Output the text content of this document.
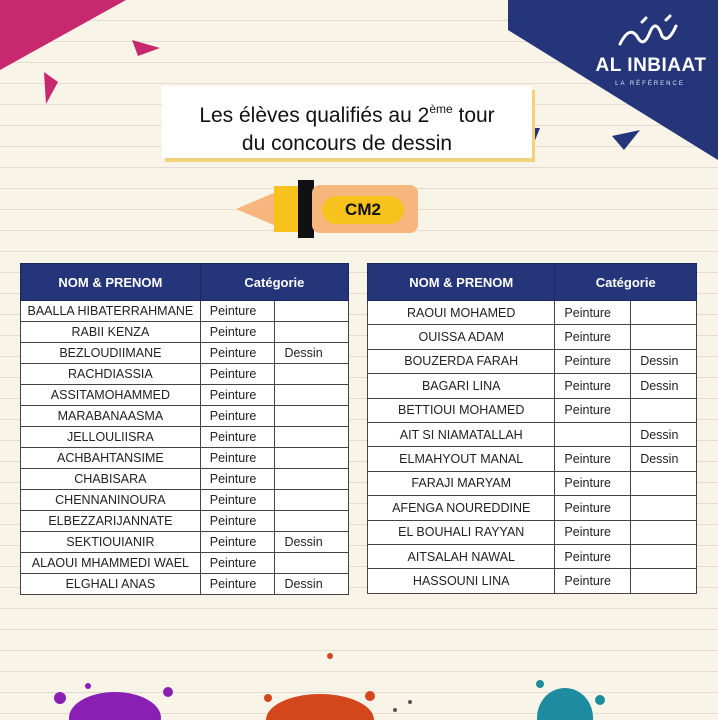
AL INBIAAT
LA RÉFÉRENCE
Les élèves qualifiés au 2ème tour
du concours de dessin
CM2
NOM & PRENOM	Catégorie	
BAALLA HIBATERRAHMANE	Peinture	
RABII KENZA	Peinture	
BEZLOUDIIMANE	Peinture	Dessin
RACHDIASSIA	Peinture	
ASSITAMOHAMMED	Peinture	
MARABANAASMA	Peinture	
JELLOULIISRA	Peinture	
ACHBAHTANSIME	Peinture	
CHABISARA	Peinture	
CHENNANINOURA	Peinture	
ELBEZZARIJANNATE	Peinture	
SEKTIOUIANIR	Peinture	Dessin
ALAOUI MHAMMEDI WAEL	Peinture	
ELGHALI ANAS	Peinture	Dessin
NOM & PRENOM	Catégorie	
RAOUI MOHAMED	Peinture	
OUISSA ADAM	Peinture	
BOUZERDA FARAH	Peinture	Dessin
BAGARI LINA	Peinture	Dessin
BETTIOUI MOHAMED	Peinture	
AIT SI NIAMATALLAH		Dessin
ELMAHYOUT MANAL	Peinture	Dessin
FARAJI MARYAM	Peinture	
AFENGA NOUREDDINE	Peinture	
EL BOUHALI RAYYAN	Peinture	
AITSALAH NAWAL	Peinture	
HASSOUNI LINA	Peinture	
